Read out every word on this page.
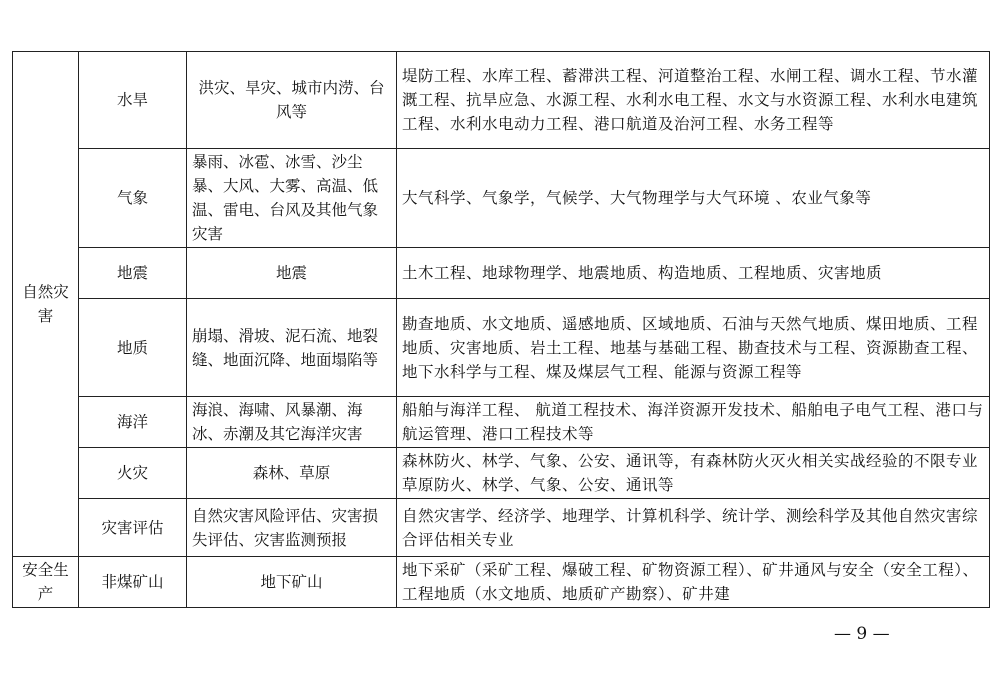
自然灾害	水旱	洪灾、旱灾、城市内涝、台风等	堤防工程、水库工程、蓄滞洪工程、河道整治工程、水闸工程、调水工程、节水灌溉工程、抗旱应急、水源工程、水利水电工程、水文与水资源工程、水利水电建筑工程、水利水电动力工程、港口航道及治河工程、水务工程等
	气象	暴雨、冰雹、冰雪、沙尘暴、大风、大雾、高温、低温、雷电、台风及其他气象灾害	大气科学、气象学，气候学、大气物理学与大气环境 、农业气象等
	地震	地震	土木工程、地球物理学、地震地质、构造地质、工程地质、灾害地质
	地质	崩塌、滑坡、泥石流、地裂缝、地面沉降、地面塌陷等	勘查地质、水文地质、遥感地质、区域地质、石油与天然气地质、煤田地质、工程地质、灾害地质、岩土工程、地基与基础工程、勘查技术与工程、资源勘查工程、地下水科学与工程、煤及煤层气工程、能源与资源工程等
	海洋	海浪、海啸、风暴潮、海冰、赤潮及其它海洋灾害	船舶与海洋工程、 航道工程技术、海洋资源开发技术、船舶电子电气工程、港口与航运管理、港口工程技术等
	火灾	森林、草原	森林防火、林学、气象、公安、通讯等，有森林防火灭火相关实战经验的不限专业草原防火、林学、气象、公安、通讯等
	灾害评估	自然灾害风险评估、灾害损失评估、灾害监测预报	自然灾害学、经济学、地理学、计算机科学、统计学、测绘科学及其他自然灾害综合评估相关专业
安全生产	非煤矿山	地下矿山	地下采矿（采矿工程、爆破工程、矿物资源工程）、矿井通风与安全（安全工程）、工程地质（水文地质、地质矿产勘察）、矿井建
— 9 —
